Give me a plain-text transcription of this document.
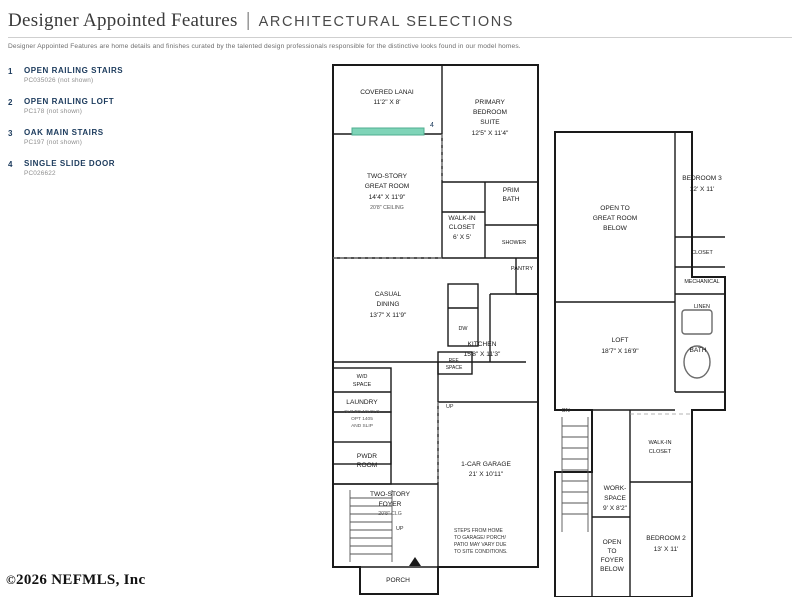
Designer Appointed Features | ARCHITECTURAL SELECTIONS
Designer Appointed Features are home details and finishes curated by the talented design professionals responsible for the distinctive looks found in our model homes.
1	OPEN RAILING STAIRS
PC035026 (not shown)
2	OPEN RAILING LOFT
PC178 (not shown)
3	OAK MAIN STAIRS
PC197 (not shown)
4	SINGLE SLIDE DOOR
PC026622
©2026 NEFMLS, Inc
4
COVERED LANAI
11'2" X 8'	PRIMARY
BEDROOM
SUITE
12'5" X 11'4"
TWO-STORY
GREAT ROOM
14'4" X 11'9"
20'8" CEILING
PRIM
BATH
WALK-IN
CLOSET
6' X 5'
SHOWER
PANTRY
CASUAL
DINING
13'7" X 11'9"
KITCHEN
15'8" X 11'3"
DW
REF.
SPACE
W/D
SPACE
LAUNDRY
SLP TO 10' CLG
OPT 1405
AND SLIP
PWDR
ROOM	1-CAR GARAGE
21' X 10'11"
TWO-STORY
FOYER
20'8" CLG
PORCH
STEPS FROM HOME
TO GARAGE/ PORCH/
PATIO MAY VARY DUE
TO SITE CONDITIONS.
UP
UP
OPEN TO
GREAT ROOM
BELOW
BEDROOM 3
12' X 11'
CLOSET
MECHANICAL
LINEN
LOFT
18'7" X 16'9"	BATH
WALK-IN
CLOSET
WORK-
SPACE
9' X 8'2"
OPEN
TO
FOYER
BELOW
BEDROOM 2
13' X 11'
DN
